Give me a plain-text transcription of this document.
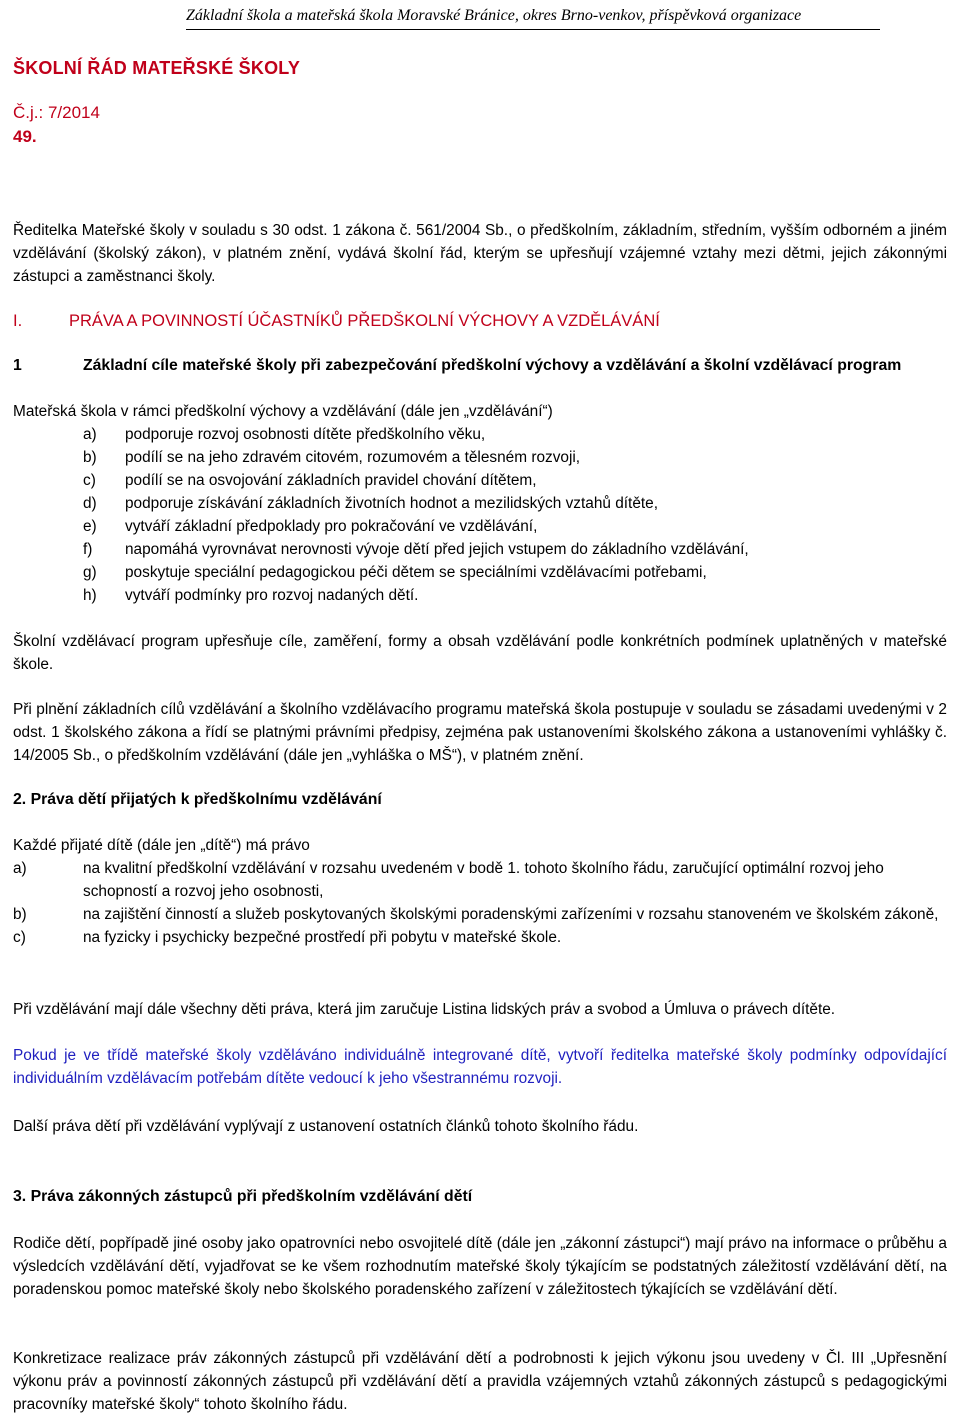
Základní škola a mateřská škola Moravské Bránice, okres Brno-venkov, příspěvková organizace
ŠKOLNÍ ŘÁD MATEŘSKÉ ŠKOLY
Č.j.: 7/2014
49.
Ředitelka Mateřské školy v souladu s 30 odst. 1 zákona č. 561/2004 Sb., o předškolním, základním, středním, vyšším odborném a jiném vzdělávání (školský zákon), v platném znění, vydává školní řád, kterým se upřesňují vzájemné vztahy mezi dětmi, jejich zákonnými zástupci a zaměstnanci školy.
I.	PRÁVA A POVINNOSTÍ ÚČASTNÍKŮ PŘEDŠKOLNÍ VÝCHOVY A VZDĚLÁVÁNÍ
1	Základní cíle mateřské školy při zabezpečování předškolní výchovy a vzdělávání a školní vzdělávací program
Mateřská škola v rámci předškolní výchovy a vzdělávání (dále jen „vzdělávání“)
a) podporuje rozvoj osobnosti dítěte předškolního věku,
b) podílí se na jeho zdravém citovém, rozumovém a tělesném rozvoji,
c) podílí se na osvojování základních pravidel chování dítětem,
d) podporuje získávání základních životních hodnot a mezilidských vztahů dítěte,
e) vytváří základní předpoklady pro pokračování ve vzdělávání,
f) napomáhá vyrovnávat nerovnosti vývoje dětí před jejich vstupem do základního vzdělávání,
g) poskytuje speciální pedagogickou péči dětem se speciálními vzdělávacími potřebami,
h) vytváří podmínky pro rozvoj nadaných dětí.
Školní vzdělávací program upřesňuje cíle, zaměření, formy a obsah vzdělávání podle konkrétních podmínek uplatněných v mateřské škole.
Při plnění základních cílů vzdělávání a školního vzdělávacího programu mateřská škola postupuje v souladu se zásadami uvedenými v 2 odst. 1 školského zákona a řídí se platnými právními předpisy, zejména pak ustanoveními školského zákona a ustanoveními vyhlášky č. 14/2005 Sb., o předškolním vzdělávání (dále jen „vyhláška o MŠ“), v platném znění.
2. Práva dětí přijatých k předškolnímu vzdělávání
Každé přijaté dítě (dále jen „dítě“) má právo
a)	na kvalitní předškolní vzdělávání v rozsahu uvedeném v bodě 1. tohoto školního řádu, zaručující optimální rozvoj jeho schopností a rozvoj jeho osobnosti,
b)	na zajištění činností a služeb poskytovaných školskými poradenskými zařízeními v rozsahu stanoveném ve školském zákoně,
c)	na fyzicky i psychicky bezpečné prostředí při pobytu v mateřské škole.
Při vzdělávání mají dále všechny děti práva, která jim zaručuje Listina lidských práv a svobod a Úmluva o právech dítěte.
Pokud je ve třídě mateřské školy vzděláváno individuálně integrované dítě, vytvoří ředitelka mateřské školy podmínky odpovídající individuálním vzdělávacím potřebám dítěte vedoucí k jeho všestrannému rozvoji.
Další práva dětí při vzdělávání vyplývají z ustanovení ostatních článků tohoto školního řádu.
3. Práva zákonných zástupců při předškolním vzdělávání dětí
Rodiče dětí, popřípadě jiné osoby jako opatrovníci nebo osvojitelé dítě (dále jen „zákonní zástupci“) mají právo na informace o průběhu a výsledcích vzdělávání dětí, vyjadřovat se ke všem rozhodnutím mateřské školy týkajícím se podstatných záležitostí vzdělávání dětí, na poradenskou pomoc mateřské školy nebo školského poradenského zařízení v záležitostech týkajících se vzdělávání dětí.
Konkretizace realizace práv zákonných zástupců při vzdělávání dětí a podrobnosti k jejich výkonu jsou uvedeny v Čl. III „Upřesnění výkonu práv a povinností zákonných zástupců při vzdělávání dětí a pravidla vzájemných vztahů zákonných zástupců s pedagogickými pracovníky mateřské školy“ tohoto školního řádu.
